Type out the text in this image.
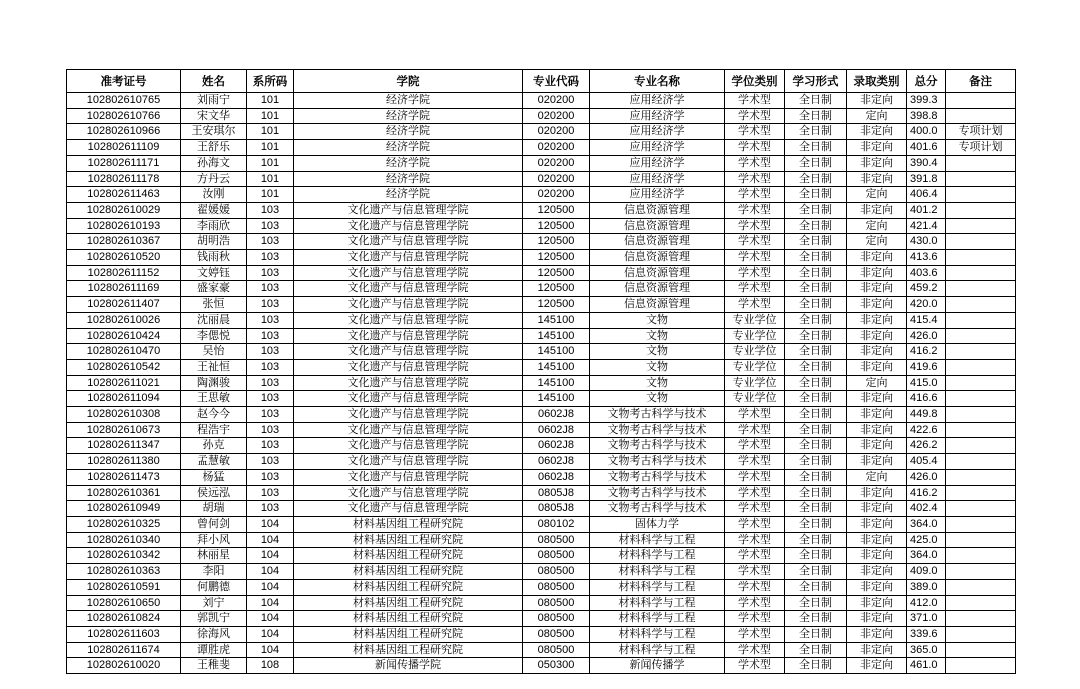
准考证号	姓名	系所码	学院	专业代码	专业名称	学位类别	学习形式	录取类别	总分	备注
102802610765	刘雨宁	101	经济学院	020200	应用经济学	学术型	全日制	非定向	399.3	
102802610766	宋文华	101	经济学院	020200	应用经济学	学术型	全日制	定向	398.8	
102802610966	王安琪尔	101	经济学院	020200	应用经济学	学术型	全日制	非定向	400.0	专项计划
102802611109	王舒乐	101	经济学院	020200	应用经济学	学术型	全日制	非定向	401.6	专项计划
102802611171	孙海文	101	经济学院	020200	应用经济学	学术型	全日制	非定向	390.4	
102802611178	方丹云	101	经济学院	020200	应用经济学	学术型	全日制	非定向	391.8	
102802611463	汝刚	101	经济学院	020200	应用经济学	学术型	全日制	定向	406.4	
102802610029	翟媛媛	103	文化遗产与信息管理学院	120500	信息资源管理	学术型	全日制	非定向	401.2	
102802610193	李雨欣	103	文化遗产与信息管理学院	120500	信息资源管理	学术型	全日制	定向	421.4	
102802610367	胡明浩	103	文化遗产与信息管理学院	120500	信息资源管理	学术型	全日制	定向	430.0	
102802610520	钱雨秋	103	文化遗产与信息管理学院	120500	信息资源管理	学术型	全日制	非定向	413.6	
102802611152	文婷钰	103	文化遗产与信息管理学院	120500	信息资源管理	学术型	全日制	非定向	403.6	
102802611169	盛家豪	103	文化遗产与信息管理学院	120500	信息资源管理	学术型	全日制	非定向	459.2	
102802611407	张恒	103	文化遗产与信息管理学院	120500	信息资源管理	学术型	全日制	非定向	420.0	
102802610026	沈丽晨	103	文化遗产与信息管理学院	145100	文物	专业学位	全日制	非定向	415.4	
102802610424	李偲悦	103	文化遗产与信息管理学院	145100	文物	专业学位	全日制	非定向	426.0	
102802610470	吴怡	103	文化遗产与信息管理学院	145100	文物	专业学位	全日制	非定向	416.2	
102802610542	王祉恒	103	文化遗产与信息管理学院	145100	文物	专业学位	全日制	非定向	419.6	
102802611021	陶渊骏	103	文化遗产与信息管理学院	145100	文物	专业学位	全日制	定向	415.0	
102802611094	王思敏	103	文化遗产与信息管理学院	145100	文物	专业学位	全日制	非定向	416.6	
102802610308	赵今今	103	文化遗产与信息管理学院	0602J8	文物考古科学与技术	学术型	全日制	非定向	449.8	
102802610673	程浩宇	103	文化遗产与信息管理学院	0602J8	文物考古科学与技术	学术型	全日制	非定向	422.6	
102802611347	孙克	103	文化遗产与信息管理学院	0602J8	文物考古科学与技术	学术型	全日制	非定向	426.2	
102802611380	孟慧敏	103	文化遗产与信息管理学院	0602J8	文物考古科学与技术	学术型	全日制	非定向	405.4	
102802611473	杨猛	103	文化遗产与信息管理学院	0602J8	文物考古科学与技术	学术型	全日制	定向	426.0	
102802610361	侯远泓	103	文化遗产与信息管理学院	0805J8	文物考古科学与技术	学术型	全日制	非定向	416.2	
102802610949	胡瑞	103	文化遗产与信息管理学院	0805J8	文物考古科学与技术	学术型	全日制	非定向	402.4	
102802610325	曾何剑	104	材料基因组工程研究院	080102	固体力学	学术型	全日制	非定向	364.0	
102802610340	拜小风	104	材料基因组工程研究院	080500	材料科学与工程	学术型	全日制	非定向	425.0	
102802610342	林丽星	104	材料基因组工程研究院	080500	材料科学与工程	学术型	全日制	非定向	364.0	
102802610363	李阳	104	材料基因组工程研究院	080500	材料科学与工程	学术型	全日制	非定向	409.0	
102802610591	何鹏德	104	材料基因组工程研究院	080500	材料科学与工程	学术型	全日制	非定向	389.0	
102802610650	刘宁	104	材料基因组工程研究院	080500	材料科学与工程	学术型	全日制	非定向	412.0	
102802610824	郭凯宁	104	材料基因组工程研究院	080500	材料科学与工程	学术型	全日制	非定向	371.0	
102802611603	徐海风	104	材料基因组工程研究院	080500	材料科学与工程	学术型	全日制	非定向	339.6	
102802611674	谭胜虎	104	材料基因组工程研究院	080500	材料科学与工程	学术型	全日制	非定向	365.0	
102802610020	王稚斐	108	新闻传播学院	050300	新闻传播学	学术型	全日制	非定向	461.0	
